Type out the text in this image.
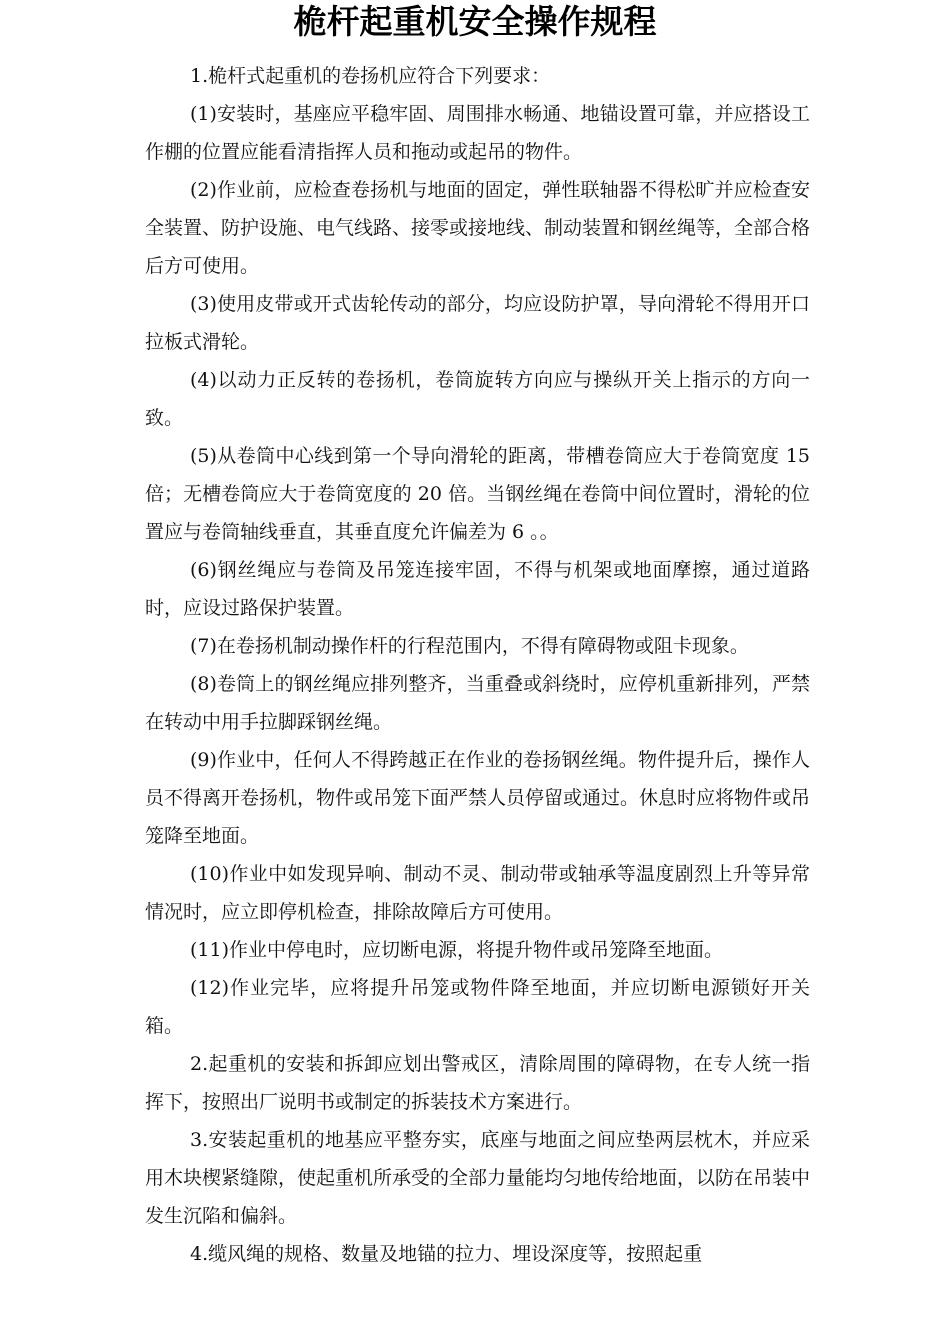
桅杆起重机安全操作规程

1.桅杆式起重机的卷扬机应符合下列要求：

(1)安装时，基座应平稳牢固、周围排水畅通、地锚设置可靠，并应搭设工 作棚的位置应能看清指挥人员和拖动或起吊的物件。

(2)作业前，应检查卷扬机与地面的固定，弹性联轴器不得松旷并应检查安全装置、防护设施、电气线路、接零或接地线、制动装置和钢丝绳等，全部合格后方可使用。

(3)使用皮带或开式齿轮传动的部分，均应设防护罩，导向滑轮不得用开口拉板式滑轮。

(4)以动力正反转的卷扬机，卷筒旋转方向应与操纵开关上指示的方向一致。

(5)从卷筒中心线到第一个导向滑轮的距离，带槽卷筒应大于卷筒宽度 15 倍；无槽卷筒应大于卷筒宽度的 20 倍。当钢丝绳在卷筒中间位置时，滑轮的位置应与卷筒轴线垂直，其垂直度允许偏差为 6 。。

(6)钢丝绳应与卷筒及吊笼连接牢固，不得与机架或地面摩擦，通过道路时，应设过路保护装置。

(7)在卷扬机制动操作杆的行程范围内，不得有障碍物或阻卡现象。

(8)卷筒上的钢丝绳应排列整齐，当重叠或斜绕时，应停机重新排列，严禁在转动中用手拉脚踩钢丝绳。

(9)作业中，任何人不得跨越正在作业的卷扬钢丝绳。物件提升后，操作人员不得离开卷扬机，物件或吊笼下面严禁人员停留或通过。休息时应将物件或吊 笼降至地面。

(10)作业中如发现异响、制动不灵、制动带或轴承等温度剧烈上升等异常情况时，应立即停机检查，排除故障后方可使用。

(11)作业中停电时，应切断电源，将提升物件或吊笼降至地面。

(12)作业完毕，应将提升吊笼或物件降至地面，并应切断电源锁好开关箱。

2.起重机的安装和拆卸应划出警戒区，清除周围的障碍物，在专人统一指挥下，按照出厂说明书或制定的拆装技术方案进行。

3.安装起重机的地基应平整夯实，底座与地面之间应垫两层枕木，并应采 用木块楔紧缝隙，使起重机所承受的全部力量能均匀地传给地面，以防在吊装中 发生沉陷和偏斜。

4.缆风绳的规格、数量及地锚的拉力、埋设深度等，按照起重
